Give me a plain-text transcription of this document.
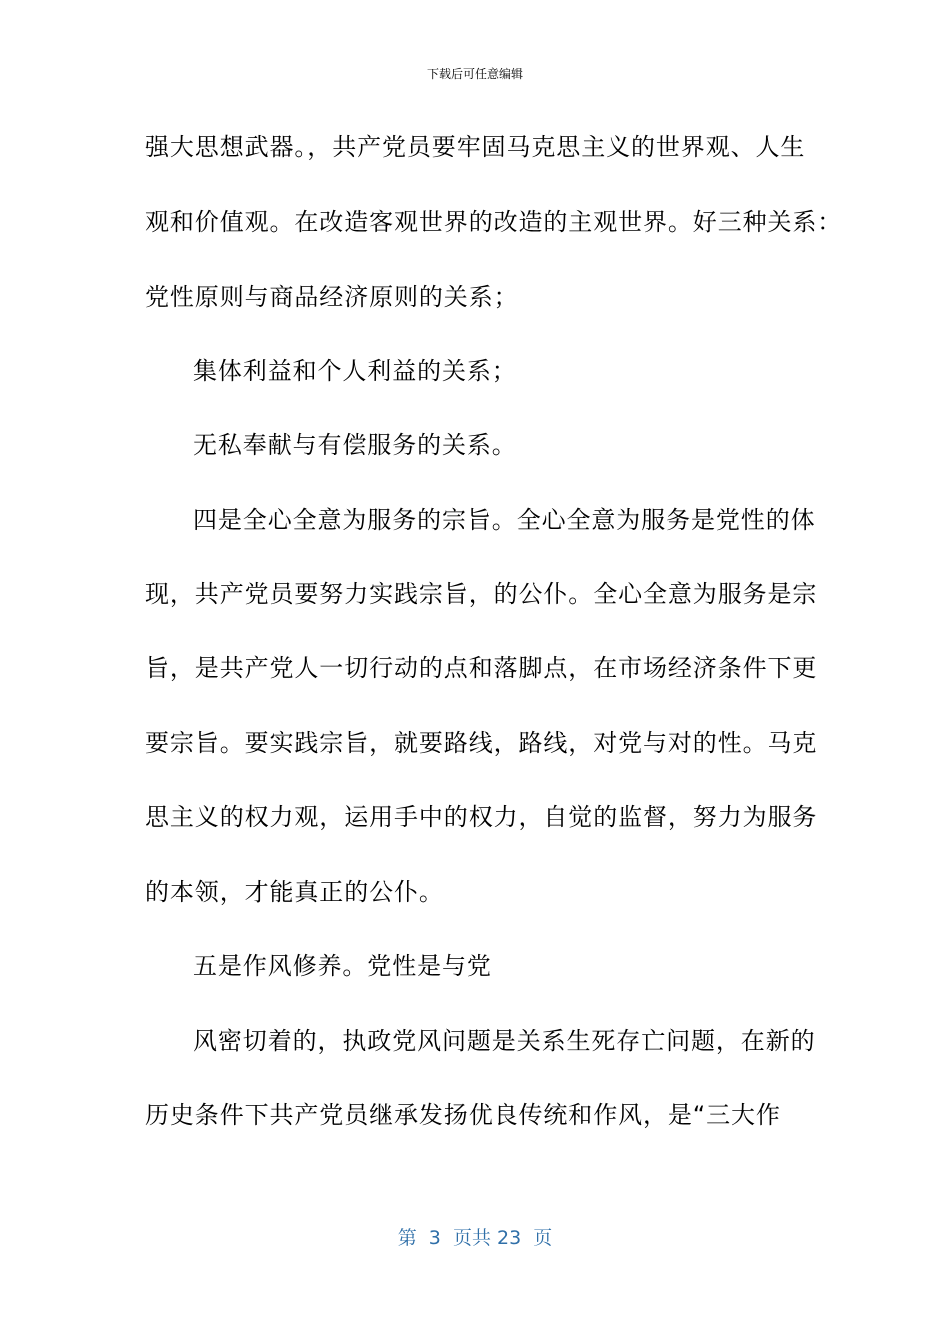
下载后可任意编辑
强大思想武器。，共产党员要牢固马克思主义的世界观、人生
观和价值观。在改造客观世界的改造的主观世界。好三种关系：
党性原则与商品经济原则的关系；
集体利益和个人利益的关系；
无私奉献与有偿服务的关系。
四是全心全意为服务的宗旨。全心全意为服务是党性的体
现，共产党员要努力实践宗旨，的公仆。全心全意为服务是宗
旨，是共产党人一切行动的点和落脚点，在市场经济条件下更
要宗旨。要实践宗旨，就要路线，路线，对党与对的性。马克
思主义的权力观，运用手中的权力，自觉的监督，努力为服务
的本领，才能真正的公仆。
五是作风修养。党性是与党
风密切着的，执政党风问题是关系生死存亡问题，在新的
历史条件下共产党员继承发扬优良传统和作风，是“三大作
第  3  页共 23  页
